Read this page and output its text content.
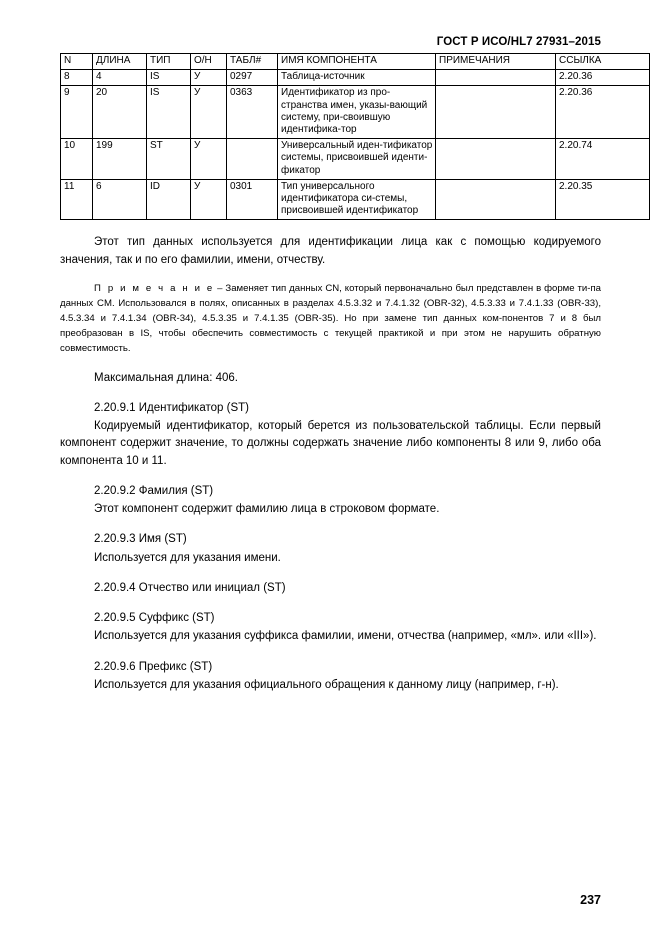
ГОСТ Р ИСО/HL7 27931–2015
N	ДЛИНА	ТИП	O/H	ТАБЛ#	ИМЯ КОМПОНЕНТА	ПРИМЕЧАНИЯ	ССЫЛКА
8	4	IS	У	0297	Таблица-источник		2.20.36
9	20	IS	У	0363	Идентификатор из про-странства имен, указы-вающий систему, при-своившую идентифика-тор		2.20.36
10	199	ST	У		Универсальный иден-тификатор системы, присвоившей иденти-фикатор		2.20.74
11	6	ID	У	0301	Тип универсального идентификатора си-стемы, присвоившей идентификатор		2.20.35

Этот тип данных используется для идентификации лица как с помощью кодируемого значения, так и по его фамилии, имени, отчеству.

П р и м е ч а н и е – Заменяет тип данных CN, который первоначально был представлен в форме ти-па данных CM. Использовался в полях, описанных в разделах 4.5.3.32 и 7.4.1.32 (OBR-32), 4.5.3.33 и 7.4.1.33 (OBR-33), 4.5.3.34 и 7.4.1.34 (OBR-34), 4.5.3.35 и 7.4.1.35 (OBR-35). Но при замене тип данных ком-понентов 7 и 8 был преобразован в IS, чтобы обеспечить совместимость с текущей практикой и при этом не нарушить обратную совместимость.

Максимальная длина: 406.

2.20.9.1 Идентификатор (ST)

Кодируемый идентификатор, который берется из пользовательской таблицы. Если первый компонент содержит значение, то должны содержать значение либо компоненты 8 или 9, либо оба компонента 10 и 11.

2.20.9.2 Фамилия (ST)

Этот компонент содержит фамилию лица в строковом формате.

2.20.9.3 Имя (ST)

Используется для указания имени.

2.20.9.4 Отчество или инициал (ST)

2.20.9.5 Суффикс (ST)

Используется для указания суффикса фамилии, имени, отчества (например, «мл». или «III»).

2.20.9.6 Префикс (ST)

Используется для указания официального обращения к данному лицу (например, г-н).

237
